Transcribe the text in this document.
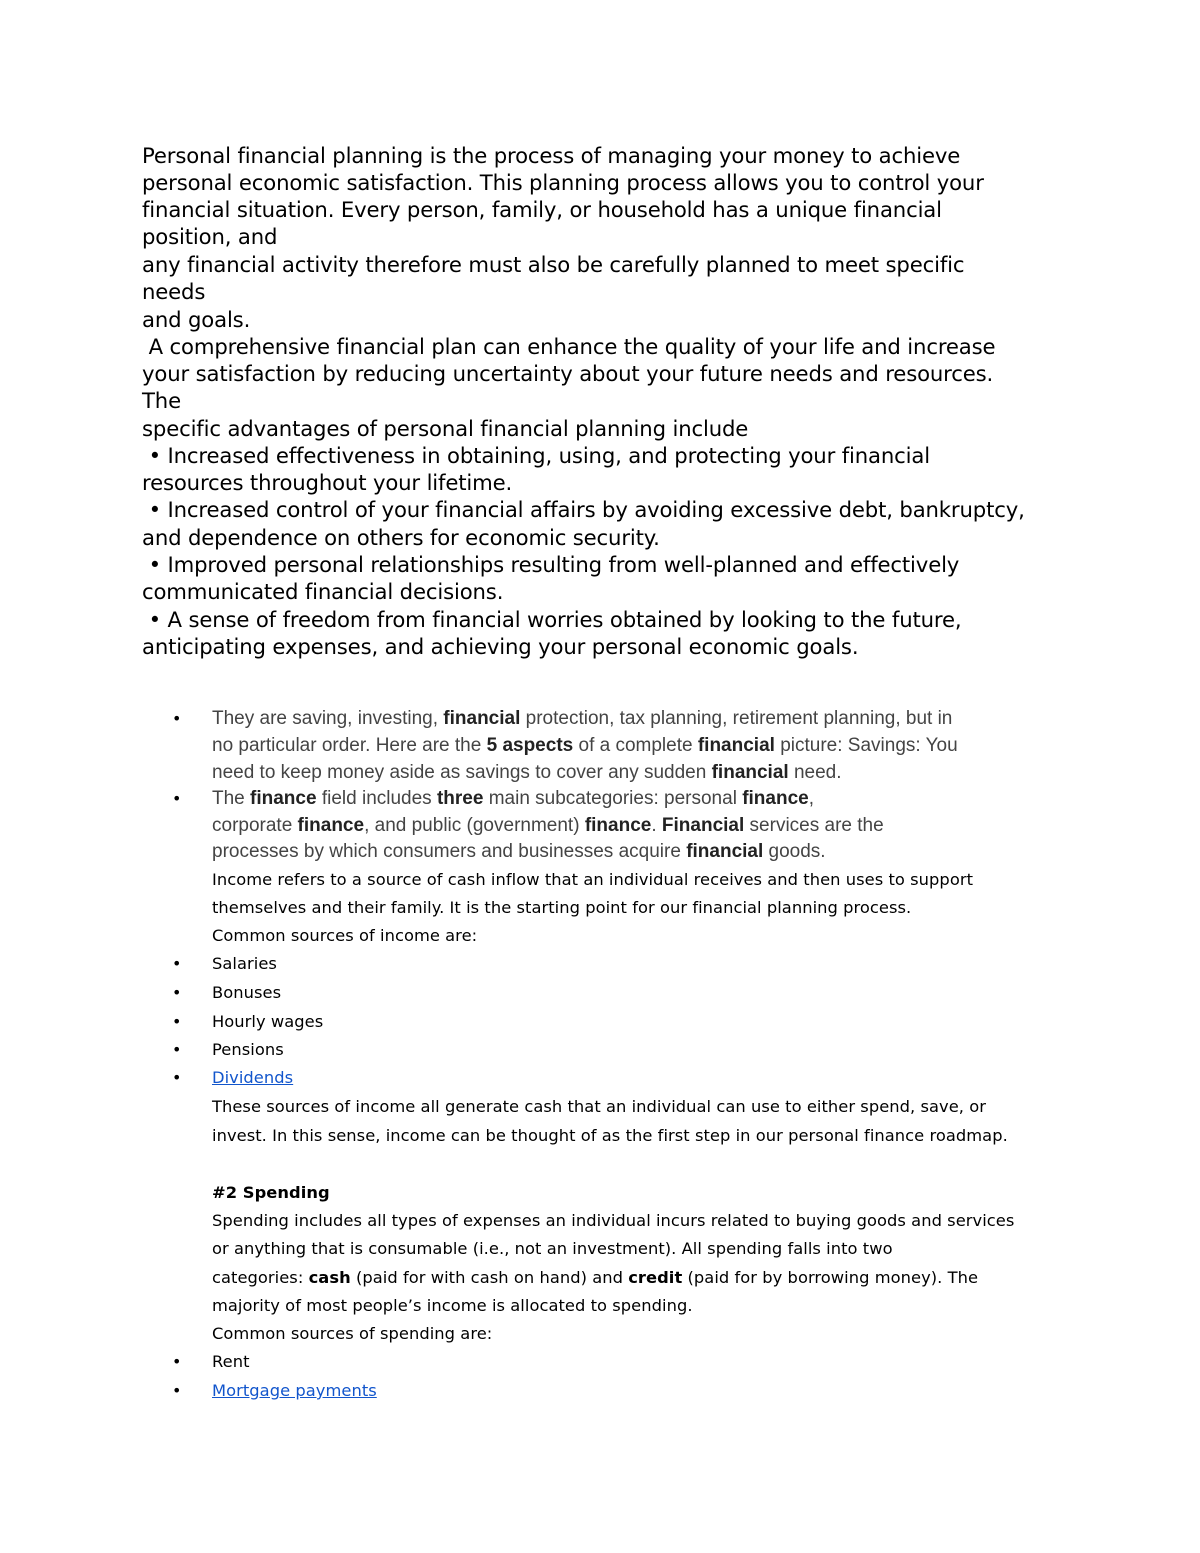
Personal financial planning is the process of managing your money to achieve

personal economic satisfaction. This planning process allows you to control your

financial situation. Every person, family, or household has a unique financial

position, and

any financial activity therefore must also be carefully planned to meet specific

needs

and goals.

A comprehensive financial plan can enhance the quality of your life and increase

your satisfaction by reducing uncertainty about your future needs and resources.

The

specific advantages of personal financial planning include

• Increased effectiveness in obtaining, using, and protecting your financial

resources throughout your lifetime.

• Increased control of your financial affairs by avoiding excessive debt, bankruptcy,

and dependence on others for economic security.

• Improved personal relationships resulting from well-planned and effectively

communicated financial decisions.

• A sense of freedom from financial worries obtained by looking to the future,

anticipating expenses, and achieving your personal economic goals.

• They are saving, investing, financial protection, tax planning, retirement planning, but in

no particular order. Here are the 5 aspects of a complete financial picture: Savings: You

need to keep money aside as savings to cover any sudden financial need.

• The finance field includes three main subcategories: personal finance,

corporate finance, and public (government) finance. Financial services are the

processes by which consumers and businesses acquire financial goods.

Income refers to a source of cash inflow that an individual receives and then uses to support

themselves and their family. It is the starting point for our financial planning process.

Common sources of income are:

• Salaries

• Bonuses

• Hourly wages

• Pensions

• Dividends

These sources of income all generate cash that an individual can use to either spend, save, or

invest. In this sense, income can be thought of as the first step in our personal finance roadmap.

#2 Spending

Spending includes all types of expenses an individual incurs related to buying goods and services

or anything that is consumable (i.e., not an investment). All spending falls into two

categories: cash (paid for with cash on hand) and credit (paid for by borrowing money). The

majority of most people’s income is allocated to spending.

Common sources of spending are:

• Rent

• Mortgage payments
